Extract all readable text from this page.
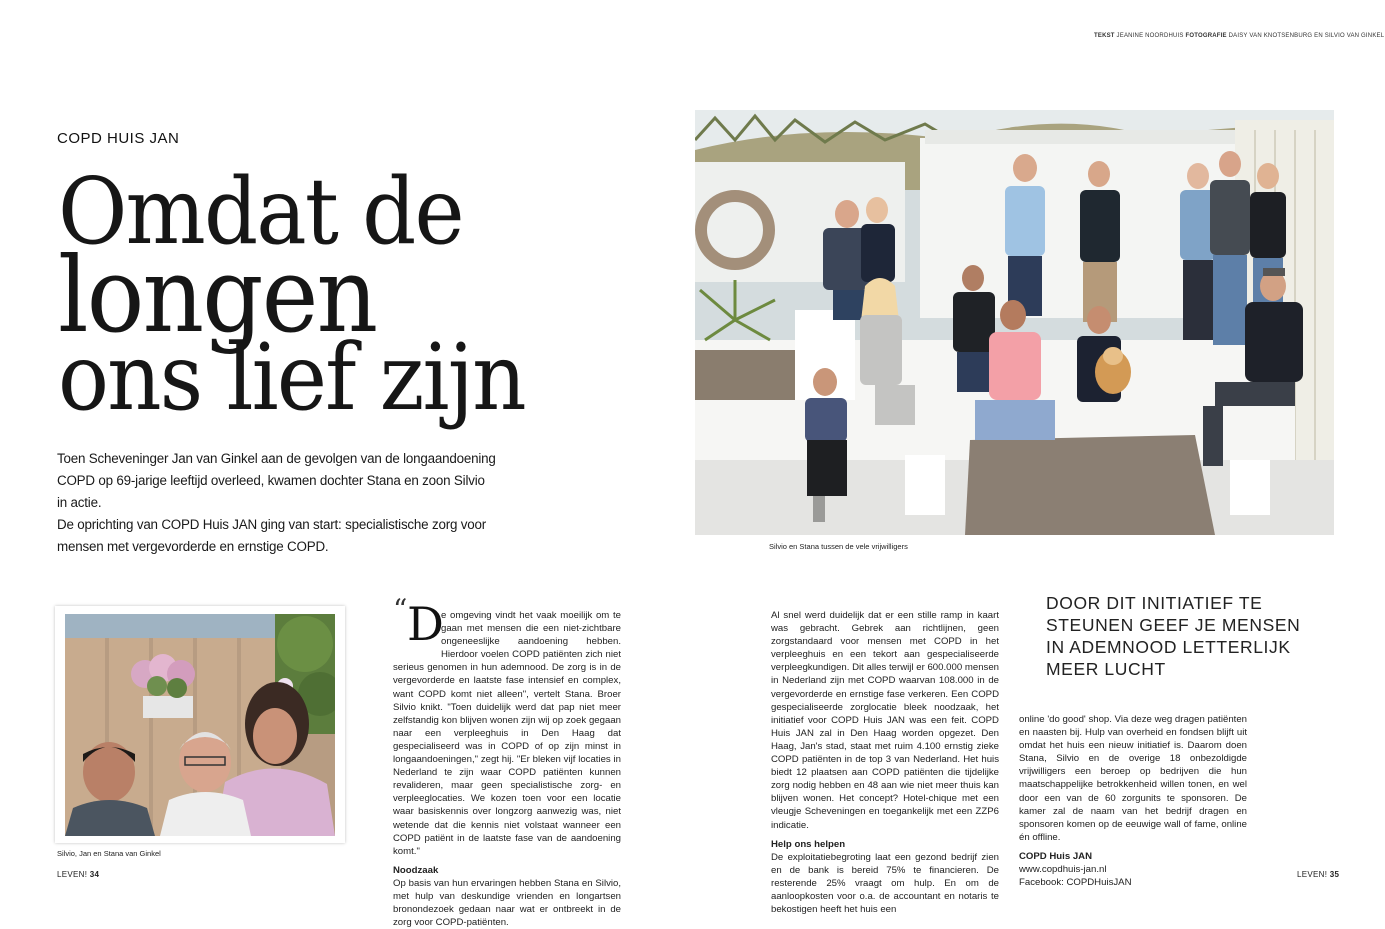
TEKST JEANINE NOORDHUIS FOTOGRAFIE DAISY VAN KNOTSENBURG EN SILVIO VAN GINKEL
COPD HUIS JAN
Omdat de
longen
ons lief zijn

Toen Scheveninger Jan van Ginkel aan de gevolgen van de longaandoening COPD op 69-jarige leeftijd overleed, kwamen dochter Stana en zoon Silvio in actie.

De oprichting van COPD Huis JAN ging van start: specialistische zorg voor mensen met vergevorderde en ernstige COPD.

Silvio, Jan en Stana van Ginkel
“ D

e omgeving vindt het vaak moeilijk om te gaan met mensen die een niet-zichtbare ongeneeslijke aandoening hebben. Hierdoor voelen COPD patiënten zich niet serieus genomen in hun ademnood. De zorg is in de vergevorderde en laatste fase intensief en complex, want COPD komt niet alleen", vertelt Stana. Broer Silvio knikt. "Toen duidelijk werd dat pap niet meer zelfstandig kon blijven wonen zijn wij op zoek gegaan naar een verpleeghuis in Den Haag dat gespecialiseerd was in COPD of op zijn minst in longaandoeningen," zegt hij. "Er bleken vijf locaties in Nederland te zijn waar COPD patiënten kunnen revalideren, maar geen specialistische zorg- en verpleeglocaties. We kozen toen voor een locatie waar basiskennis over longzorg aanwezig was, niet wetende dat die kennis niet volstaat wanneer een COPD patiënt in de laatste fase van de aandoening komt."

Noodzaak

Op basis van hun ervaringen hebben Stana en Silvio, met hulp van deskundige vrienden en longartsen bronondezoek gedaan naar wat er ontbreekt in de zorg voor COPD-patiënten.

Silvio en Stana tussen de vele vrijwilligers
DOOR DIT INITIATIEF TE STEUNEN GEEF JE MENSEN IN ADEMNOOD LETTERLIJK MEER LUCHT

Al snel werd duidelijk dat er een stille ramp in kaart was gebracht. Gebrek aan richtlijnen, geen zorgstandaard voor mensen met COPD in het verpleeghuis en een tekort aan gespecialiseerde verpleegkundigen. Dit alles terwijl er 600.000 mensen in Nederland zijn met COPD waarvan 108.000 in de vergevorderde en ernstige fase verkeren. Een COPD gespecialiseerde zorglocatie bleek noodzaak, het initiatief voor COPD Huis JAN was een feit. COPD Huis JAN zal in Den Haag worden opgezet. Den Haag, Jan's stad, staat met ruim 4.100 ernstig zieke COPD patiënten in de top 3 van Nederland. Het huis biedt 12 plaatsen aan COPD patiënten die tijdelijke zorg nodig hebben en 48 aan wie niet meer thuis kan blijven wonen. Het concept? Hotel-chique met een vleugje Scheveningen en toegankelijk met een ZZP6 indicatie.

Help ons helpen

De exploitatiebegroting laat een gezond bedrijf zien en de bank is bereid 75% te financieren. De resterende 25% vraagt om hulp. En om de aanloopkosten voor o.a. de accountant en notaris te bekostigen heeft het huis een

online 'do good' shop. Via deze weg dragen patiënten en naasten bij. Hulp van overheid en fondsen blijft uit omdat het huis een nieuw initiatief is. Daarom doen Stana, Silvio en de overige 18 onbezoldigde vrijwilligers een beroep op bedrijven die hun maatschappelijke betrokkenheid willen tonen, en wel door een van de 60 zorgunits te sponsoren. De kamer zal de naam van het bedrijf dragen en sponsoren komen op de eeuwige wall of fame, online én offline.

COPD Huis JAN

www.copdhuis-jan.nl

Facebook: COPDHuisJAN

LEVEN! 34	LEVEN! 35
